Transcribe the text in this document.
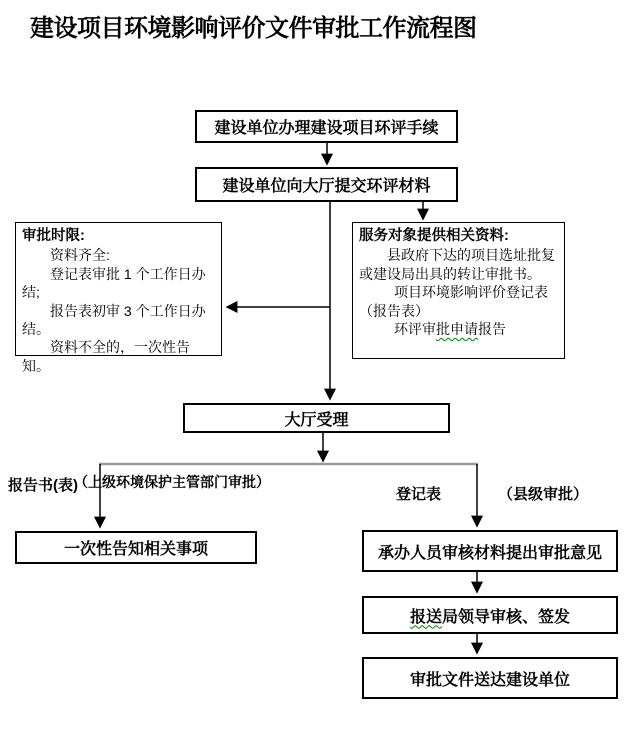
建设项目环境影响评价文件审批工作流程图
建设单位办理建设项目环评手续
建设单位向大厅提交环评材料

审批时限:

资料齐全:

登记表审批 1 个工作日办结;

报告表初审 3 个工作日办结。

资料不全的，一次性告知。

服务对象提供相关资料:

县政府下达的项目选址批复或建设局出具的转让审批书。

项目环境影响评价登记表（报告表）

环评审批申请报告

大厅受理
报告书(表)
（上级环境保护主管部门审批）
登记表	（县级审批）
一次性告知相关事项	承办人员审核材料提出审批意见
报送 局领导审核、签发
审批文件送达建设单位
